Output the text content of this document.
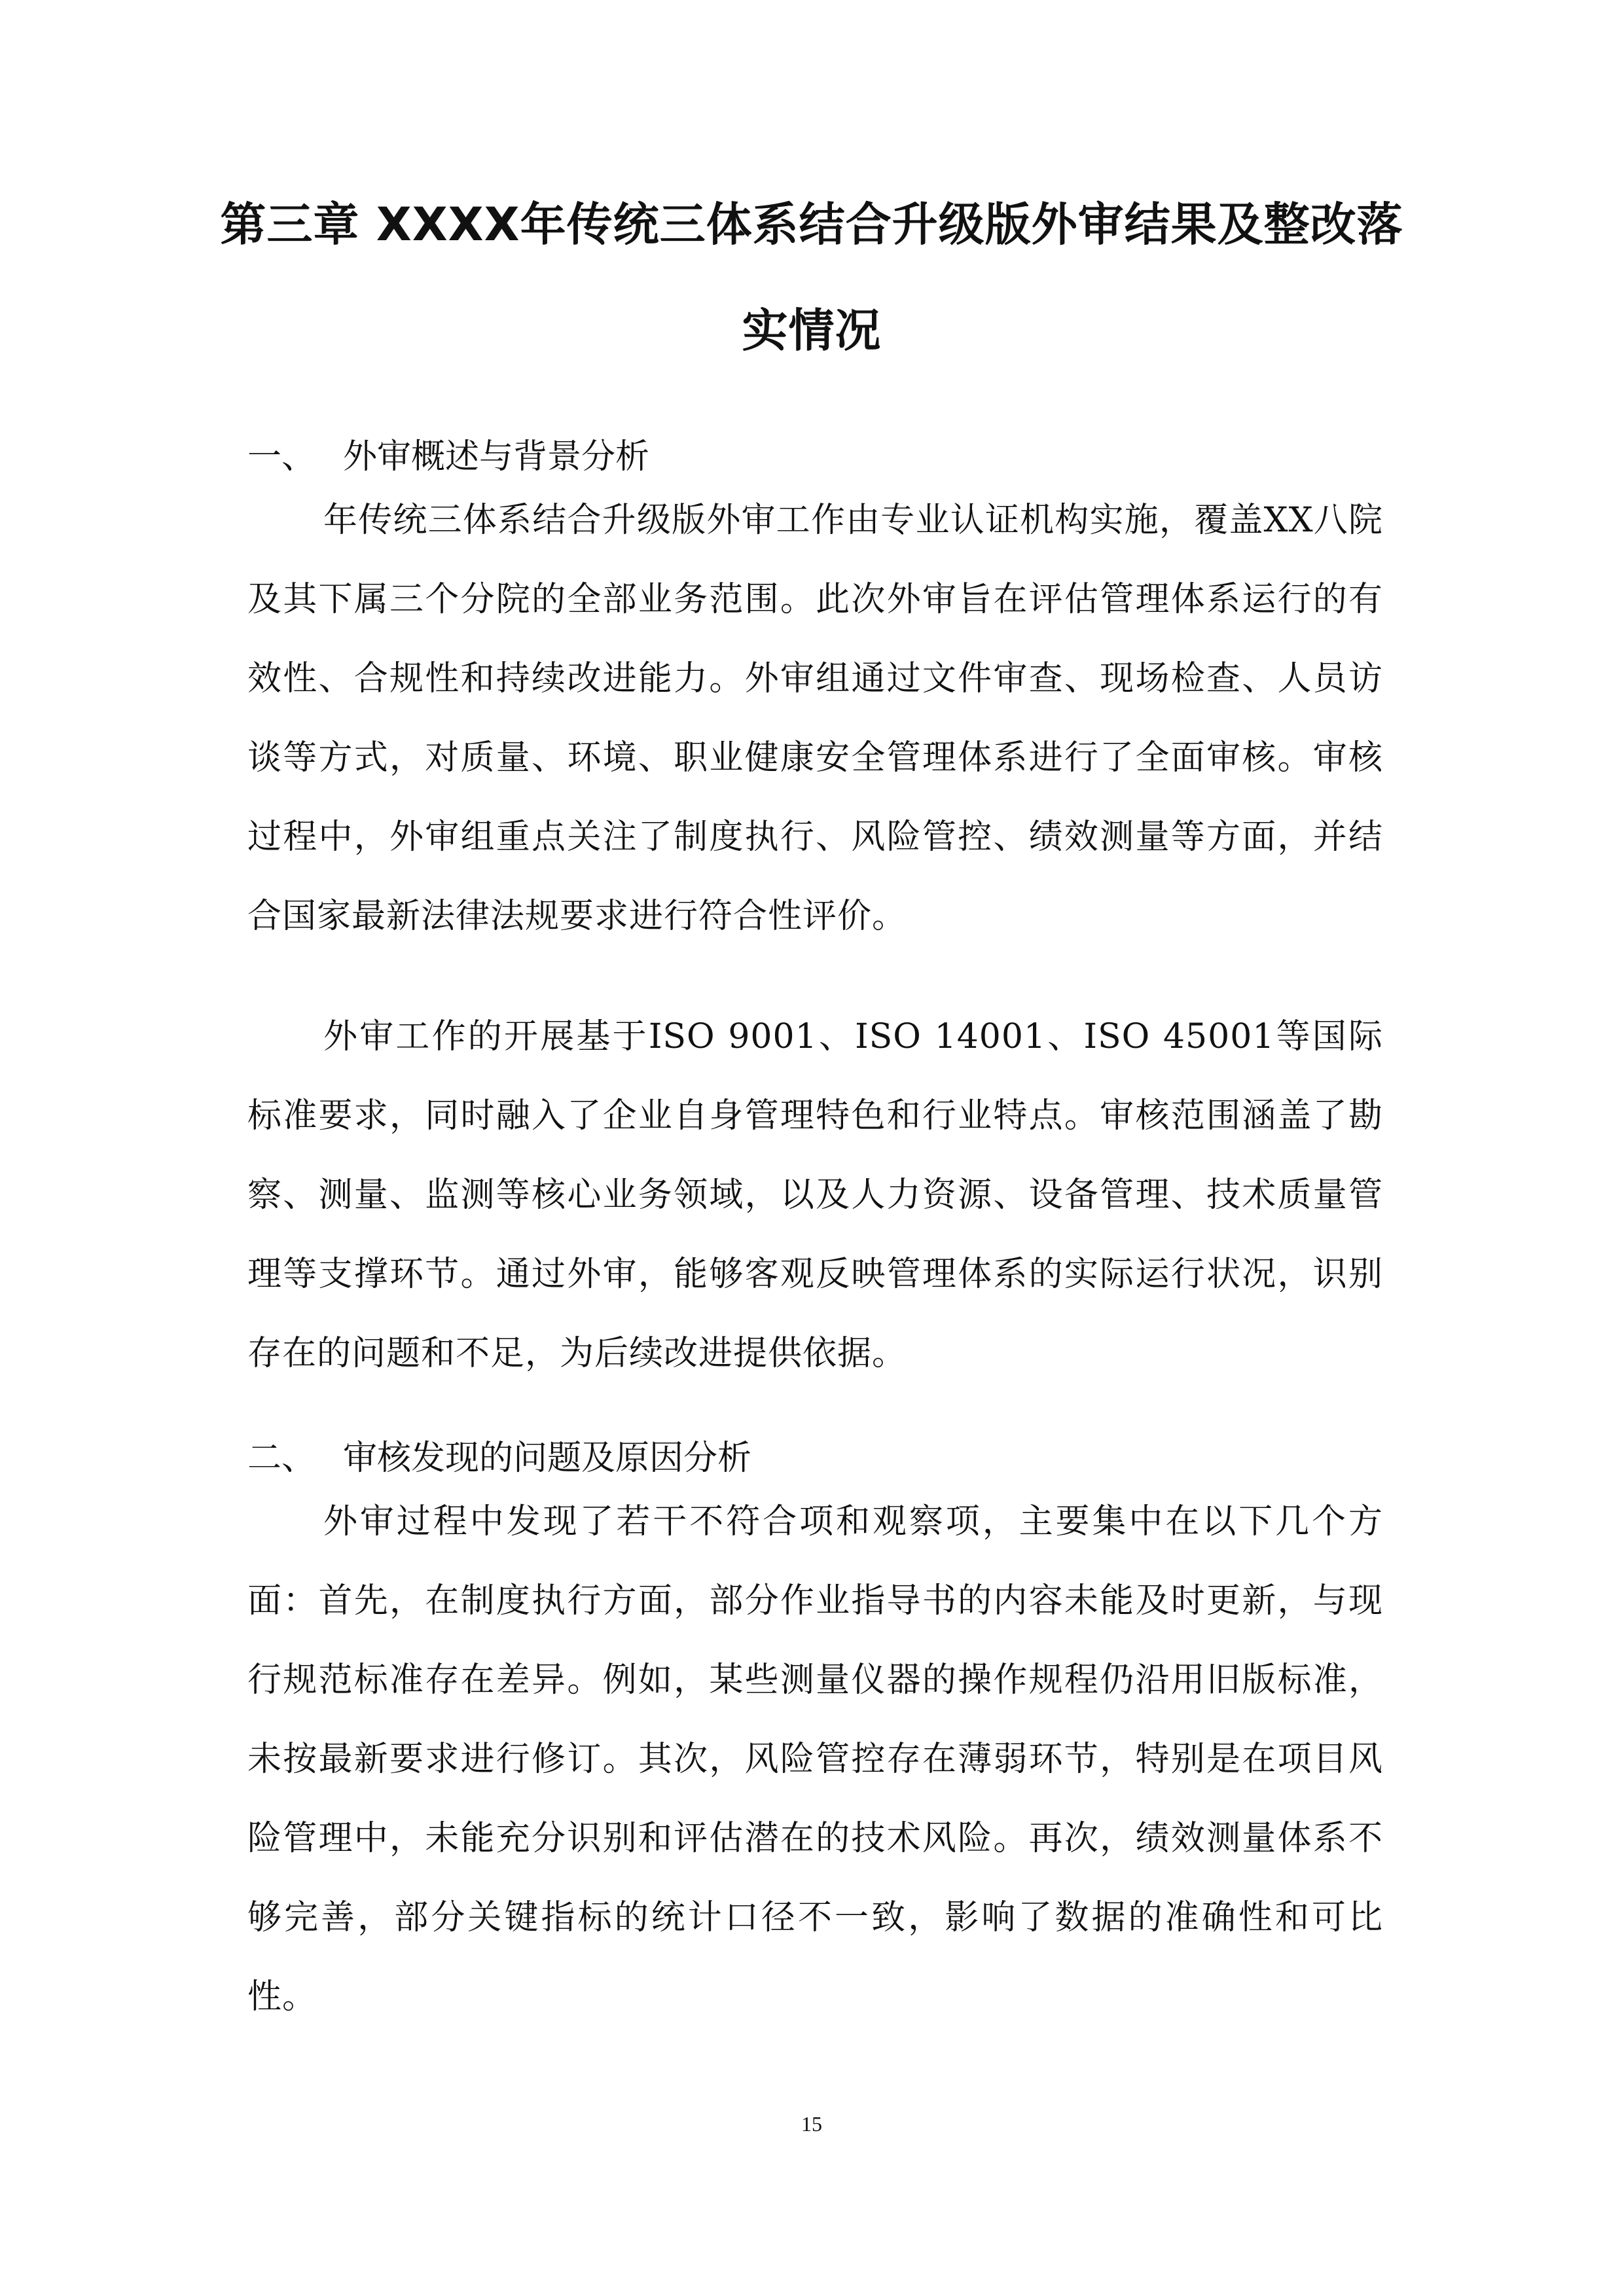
第三章 XXXX年传统三体系结合升级版外审结果及整改落实情况
一、 外审概述与背景分析

年传统三体系结合升级版外审工作由专业认证机构实施，覆盖XX八院及其下属三个分院的全部业务范围。此次外审旨在评估管理体系运行的有效性、合规性和持续改进能力。外审组通过文件审查、现场检查、人员访谈等方式，对质量、环境、职业健康安全管理体系进行了全面审核。审核过程中，外审组重点关注了制度执行、风险管控、绩效测量等方面，并结合国家最新法律法规要求进行符合性评价。

外审工作的开展基于ISO 9001、ISO 14001、ISO 45001等国际标准要求，同时融入了企业自身管理特色和行业特点。审核范围涵盖了勘察、测量、监测等核心业务领域，以及人力资源、设备管理、技术质量管理等支撑环节。通过外审，能够客观反映管理体系的实际运行状况，识别存在的问题和不足，为后续改进提供依据。

二、 审核发现的问题及原因分析

外审过程中发现了若干不符合项和观察项，主要集中在以下几个方面：首先，在制度执行方面，部分作业指导书的内容未能及时更新，与现行规范标准存在差异。例如，某些测量仪器的操作规程仍沿用旧版标准，未按最新要求进行修订。其次，风险管控存在薄弱环节，特别是在项目风险管理中，未能充分识别和评估潜在的技术风险。再次，绩效测量体系不够完善，部分关键指标的统计口径不一致，影响了数据的准确性和可比性。

15
